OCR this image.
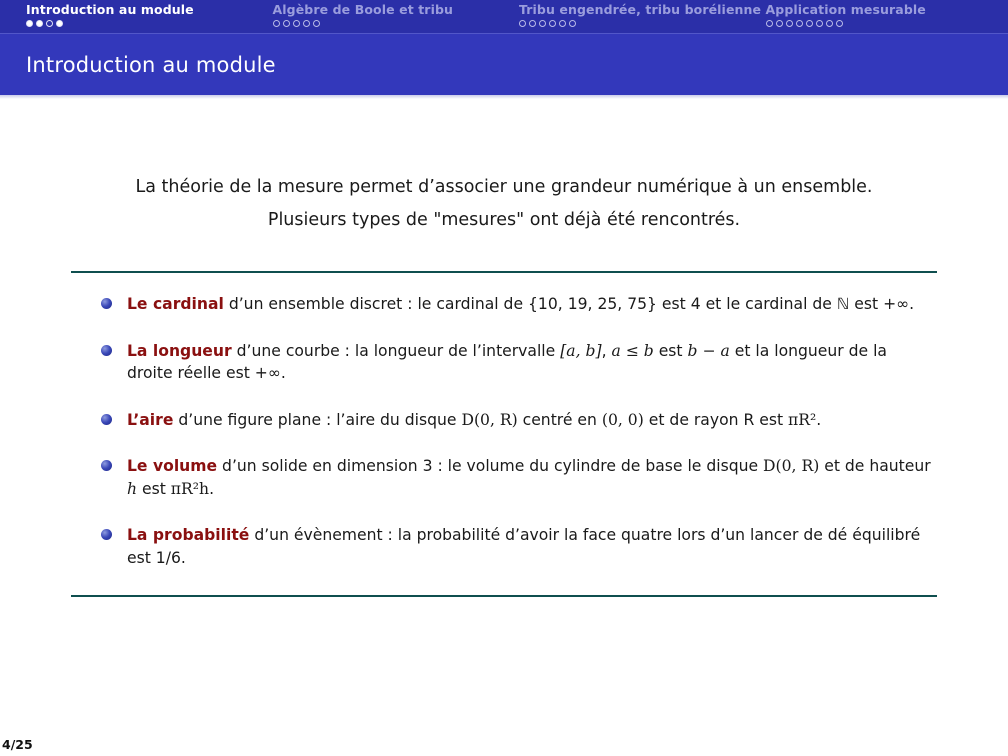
Introduction au module	Algèbre de Boole et tribu	Tribu engendrée, tribu borélienne Application mesurable
Introduction au module
La théorie de la mesure permet d’associer une grandeur numérique à un ensemble. Plusieurs types de "mesures" ont déjà été rencontrés.
Le cardinal d’un ensemble discret : le cardinal de {10, 19, 25, 75} est 4 et le cardinal de ℕ est +∞.
La longueur d’une courbe : la longueur de l’intervalle [a, b], a ≤ b est b − a et la longueur de la droite réelle est +∞.
L’aire d’une figure plane : l’aire du disque D(0, R) centré en (0, 0) et de rayon R est πR².
Le volume d’un solide en dimension 3 : le volume du cylindre de base le disque D(0, R) et de hauteur h est πR²h.
La probabilité d’un évènement : la probabilité d’avoir la face quatre lors d’un lancer de dé équilibré est 1/6.
4/25
